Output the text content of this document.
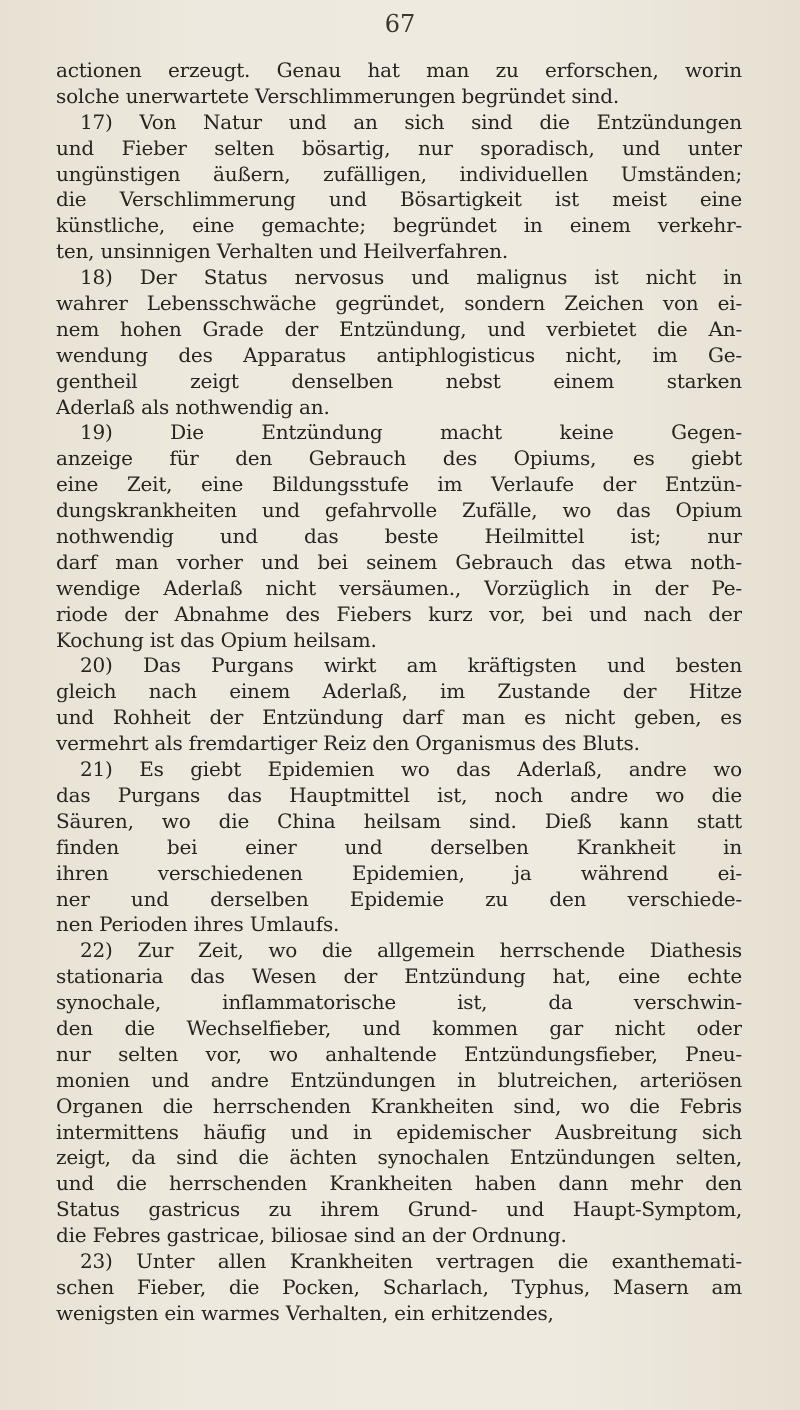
67
actionen erzeugt. Genau hat man zu erforschen, worin
solche unerwartete Verschlimmerungen begründet sind.
17) Von Natur und an sich sind die Entzündungen
und Fieber selten bösartig, nur sporadisch, und unter
ungünstigen äußern, zufälligen, individuellen Umständen;
die Verschlimmerung und Bösartigkeit ist meist eine
künstliche, eine gemachte; begründet in einem verkehr-
ten, unsinnigen Verhalten und Heilverfahren.
18) Der Status nervosus und malignus ist nicht in
wahrer Lebensschwäche gegründet, sondern Zeichen von ei-
nem hohen Grade der Entzündung, und verbietet die An-
wendung des Apparatus antiphlogisticus nicht, im Ge-
gentheil zeigt denselben nebst einem starken
Aderlaß als nothwendig an.
19) Die Entzündung macht keine Gegen-
anzeige für den Gebrauch des Opiums, es giebt
eine Zeit, eine Bildungsstufe im Verlaufe der Entzün-
dungskrankheiten und gefahrvolle Zufälle, wo das Opium
nothwendig und das beste Heilmittel ist; nur
darf man vorher und bei seinem Gebrauch das etwa noth-
wendige Aderlaß nicht versäumen., Vorzüglich in der Pe-
riode der Abnahme des Fiebers kurz vor, bei und nach der
Kochung ist das Opium heilsam.
20) Das Purgans wirkt am kräftigsten und besten
gleich nach einem Aderlaß, im Zustande der Hitze
und Rohheit der Entzündung darf man es nicht geben, es
vermehrt als fremdartiger Reiz den Organismus des Bluts.
21) Es giebt Epidemien wo das Aderlaß, andre wo
das Purgans das Hauptmittel ist, noch andre wo die
Säuren, wo die China heilsam sind. Dieß kann statt
finden bei einer und derselben Krankheit in
ihren verschiedenen Epidemien, ja während ei-
ner und derselben Epidemie zu den verschiede-
nen Perioden ihres Umlaufs.
22) Zur Zeit, wo die allgemein herrschende Diathesis
stationaria das Wesen der Entzündung hat, eine echte
synochale, inflammatorische ist, da verschwin-
den die Wechselfieber, und kommen gar nicht oder
nur selten vor, wo anhaltende Entzündungsfieber, Pneu-
monien und andre Entzündungen in blutreichen, arteriösen
Organen die herrschenden Krankheiten sind, wo die Febris
intermittens häufig und in epidemischer Ausbreitung sich
zeigt, da sind die ächten synochalen Entzündungen selten,
und die herrschenden Krankheiten haben dann mehr den
Status gastricus zu ihrem Grund- und Haupt-Symptom,
die Febres gastricae, biliosae sind an der Ordnung.
23) Unter allen Krankheiten vertragen die exanthemati-
schen Fieber, die Pocken, Scharlach, Typhus, Masern am
wenigsten ein warmes Verhalten, ein erhitzendes,
